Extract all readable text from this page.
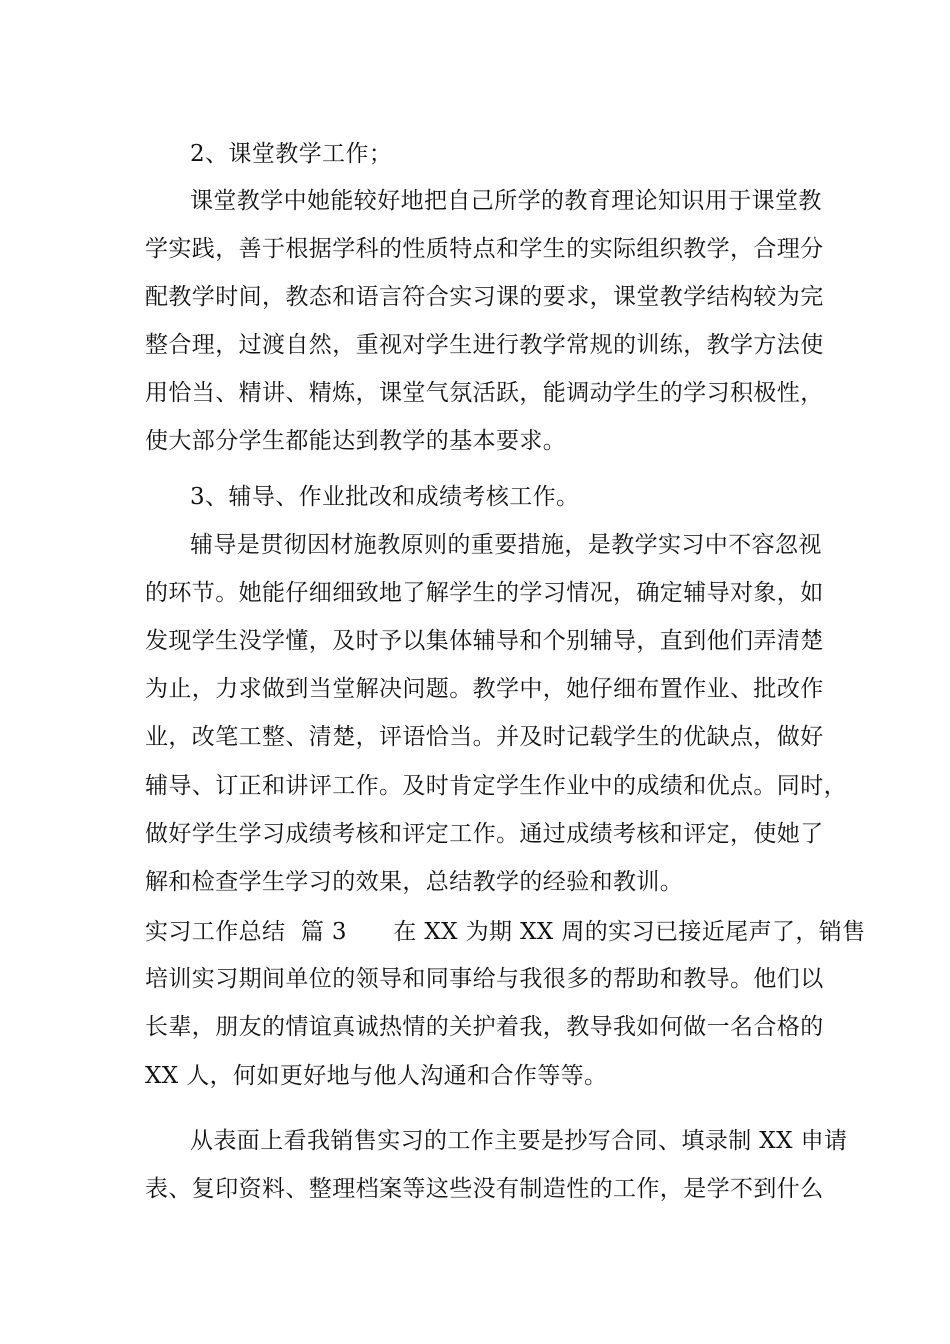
2、课堂教学工作；
课堂教学中她能较好地把自己所学的教育理论知识用于课堂教
学实践，善于根据学科的性质特点和学生的实际组织教学，合理分
配教学时间，教态和语言符合实习课的要求，课堂教学结构较为完
整合理，过渡自然，重视对学生进行教学常规的训练，教学方法使
用恰当、精讲、精炼，课堂气氛活跃，能调动学生的学习积极性，
使大部分学生都能达到教学的基本要求。
3、辅导、作业批改和成绩考核工作。
辅导是贯彻因材施教原则的重要措施，是教学实习中不容忽视
的环节。她能仔细细致地了解学生的学习情况，确定辅导对象，如
发现学生没学懂，及时予以集体辅导和个别辅导，直到他们弄清楚
为止，力求做到当堂解决问题。教学中，她仔细布置作业、批改作
业，改笔工整、清楚，评语恰当。并及时记载学生的优缺点，做好
辅导、订正和讲评工作。及时肯定学生作业中的成绩和优点。同时，
做好学生学习成绩考核和评定工作。通过成绩考核和评定，使她了
解和检查学生学习的效果，总结教学的经验和教训。
实习工作总结  篇 3      在 XX 为期 XX 周的实习已接近尾声了，销售
培训实习期间单位的领导和同事给与我很多的帮助和教导。他们以
长辈，朋友的情谊真诚热情的关护着我，教导我如何做一名合格的
XX 人，何如更好地与他人沟通和合作等等。
从表面上看我销售实习的工作主要是抄写合同、填录制 XX 申请
表、复印资料、整理档案等这些没有制造性的工作，是学不到什么
